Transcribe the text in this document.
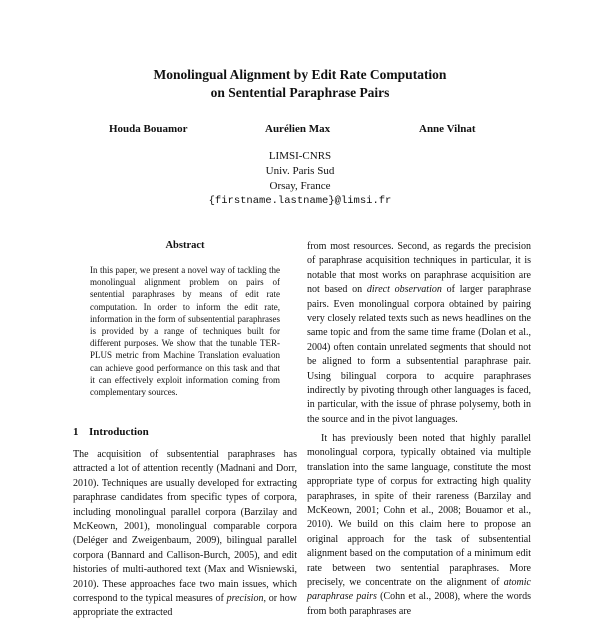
Monolingual Alignment by Edit Rate Computation
on Sentential Paraphrase Pairs
Houda Bouamor	Aurélien Max	Anne Vilnat
LIMSI-CNRS
Univ. Paris Sud
Orsay, France
{firstname.lastname}@limsi.fr
Abstract
In this paper, we present a novel way of tackling the monolingual alignment problem on pairs of sentential paraphrases by means of edit rate computation. In order to inform the edit rate, information in the form of subsentential paraphrases is provided by a range of techniques built for different purposes. We show that the tunable TER-PLUS metric from Machine Translation evaluation can achieve good performance on this task and that it can effectively exploit information coming from complementary sources.
1 Introduction

The acquisition of subsentential paraphrases has attracted a lot of attention recently (Madnani and Dorr, 2010). Techniques are usually developed for extracting paraphrase candidates from specific types of corpora, including monolingual parallel corpora (Barzilay and McKeown, 2001), monolingual comparable corpora (Deléger and Zweigenbaum, 2009), bilingual parallel corpora (Bannard and Callison-Burch, 2005), and edit histories of multi-authored text (Max and Wisniewski, 2010). These approaches face two main issues, which correspond to the typical measures of precision, or how appropriate the extracted

from most resources. Second, as regards the precision of paraphrase acquisition techniques in particular, it is notable that most works on paraphrase acquisition are not based on direct observation of larger paraphrase pairs. Even monolingual corpora obtained by pairing very closely related texts such as news headlines on the same topic and from the same time frame (Dolan et al., 2004) often contain unrelated segments that should not be aligned to form a subsentential paraphrase pair. Using bilingual corpora to acquire paraphrases indirectly by pivoting through other languages is faced, in particular, with the issue of phrase polysemy, both in the source and in the pivot languages.

It has previously been noted that highly parallel monolingual corpora, typically obtained via multiple translation into the same language, constitute the most appropriate type of corpus for extracting high quality paraphrases, in spite of their rareness (Barzilay and McKeown, 2001; Cohn et al., 2008; Bouamor et al., 2010). We build on this claim here to propose an original approach for the task of subsentential alignment based on the computation of a minimum edit rate between two sentential paraphrases. More precisely, we concentrate on the alignment of atomic paraphrase pairs (Cohn et al., 2008), where the words from both paraphrases are
